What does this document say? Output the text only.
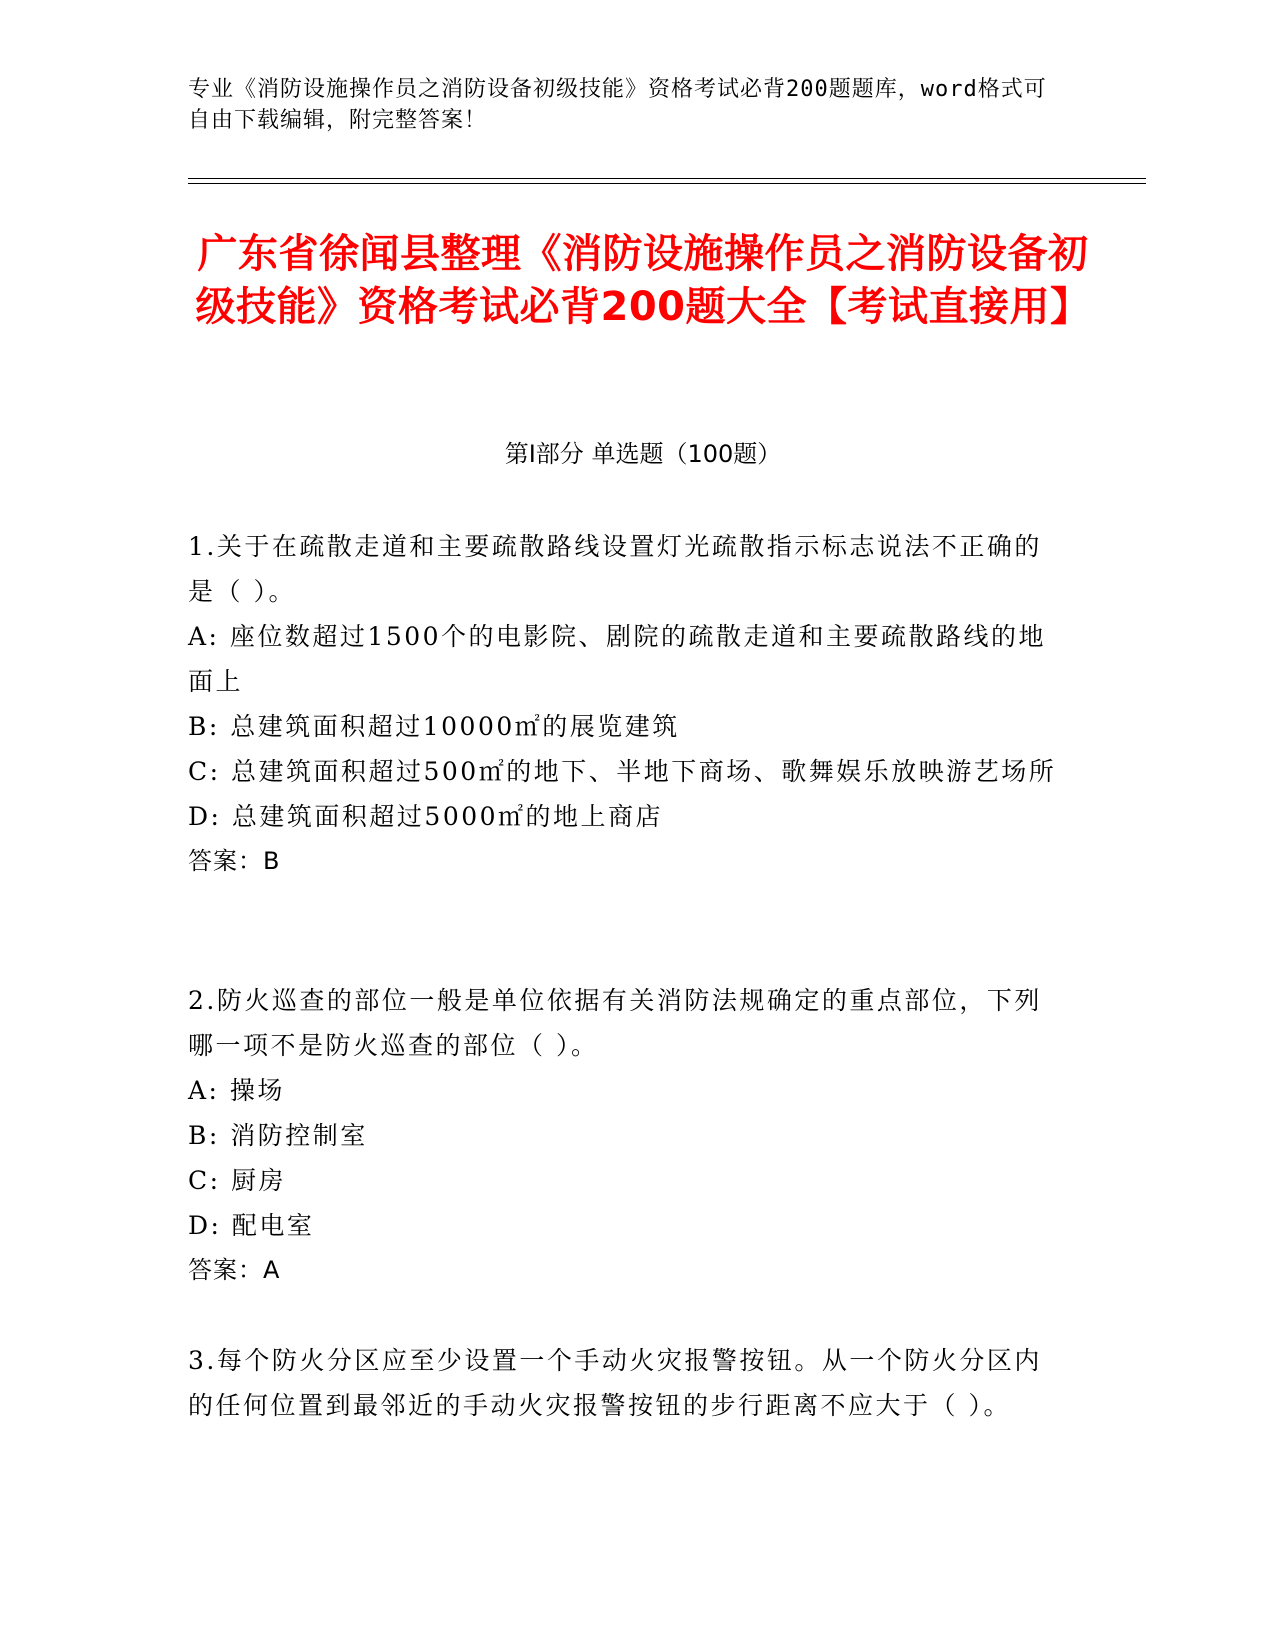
专业《消防设施操作员之消防设备初级技能》资格考试必背200题题库，word格式可自由下载编辑，附完整答案！
广东省徐闻县整理《消防设施操作员之消防设备初级技能》资格考试必背200题大全【考试直接用】
第I部分 单选题（100题）
1.关于在疏散走道和主要疏散路线设置灯光疏散指示标志说法不正确的是（ ）。
A: 座位数超过1500个的电影院、剧院的疏散走道和主要疏散路线的地面上
B: 总建筑面积超过10000㎡的展览建筑
C: 总建筑面积超过500㎡的地下、半地下商场、歌舞娱乐放映游艺场所
D: 总建筑面积超过5000㎡的地上商店
答案：B
2.防火巡查的部位一般是单位依据有关消防法规确定的重点部位，下列哪一项不是防火巡查的部位（ ）。
A: 操场
B: 消防控制室
C: 厨房
D: 配电室
答案：A
3.每个防火分区应至少设置一个手动火灾报警按钮。从一个防火分区内的任何位置到最邻近的手动火灾报警按钮的步行距离不应大于（ ）。
